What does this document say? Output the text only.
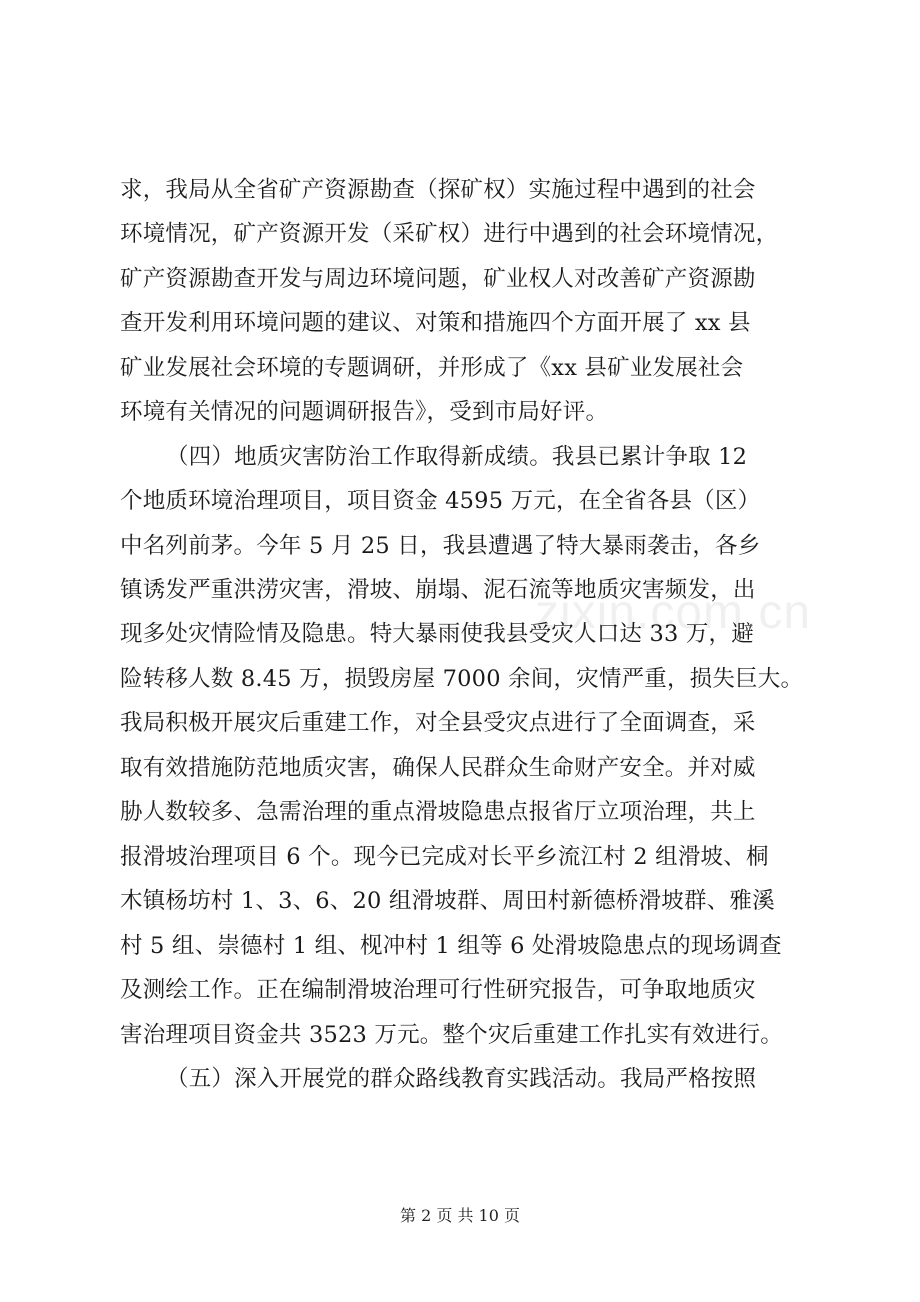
zixin.com.cn
求，我局从全省矿产资源勘查（探矿权）实施过程中遇到的社会
环境情况，矿产资源开发（采矿权）进行中遇到的社会环境情况，
矿产资源勘查开发与周边环境问题，矿业权人对改善矿产资源勘
查开发利用环境问题的建议、对策和措施四个方面开展了 xx 县
矿业发展社会环境的专题调研，并形成了《xx 县矿业发展社会
环境有关情况的问题调研报告》，受到市局好评。
（四）地质灾害防治工作取得新成绩。我县已累计争取 12
个地质环境治理项目，项目资金 4595 万元，在全省各县（区）
中名列前茅。今年 5 月 25 日，我县遭遇了特大暴雨袭击，各乡
镇诱发严重洪涝灾害，滑坡、崩塌、泥石流等地质灾害频发，出
现多处灾情险情及隐患。特大暴雨使我县受灾人口达 33 万，避
险转移人数 8.45 万，损毁房屋 7000 余间，灾情严重，损失巨大。
我局积极开展灾后重建工作，对全县受灾点进行了全面调查，采
取有效措施防范地质灾害，确保人民群众生命财产安全。并对威
胁人数较多、急需治理的重点滑坡隐患点报省厅立项治理，共上
报滑坡治理项目 6 个。现今已完成对长平乡流江村 2 组滑坡、桐
木镇杨坊村 1、3、6、20 组滑坡群、周田村新德桥滑坡群、雅溪
村 5 组、崇德村 1 组、枧冲村 1 组等 6 处滑坡隐患点的现场调查
及测绘工作。正在编制滑坡治理可行性研究报告，可争取地质灾
害治理项目资金共 3523 万元。整个灾后重建工作扎实有效进行。
（五）深入开展党的群众路线教育实践活动。我局严格按照
第 2 页 共 10 页
